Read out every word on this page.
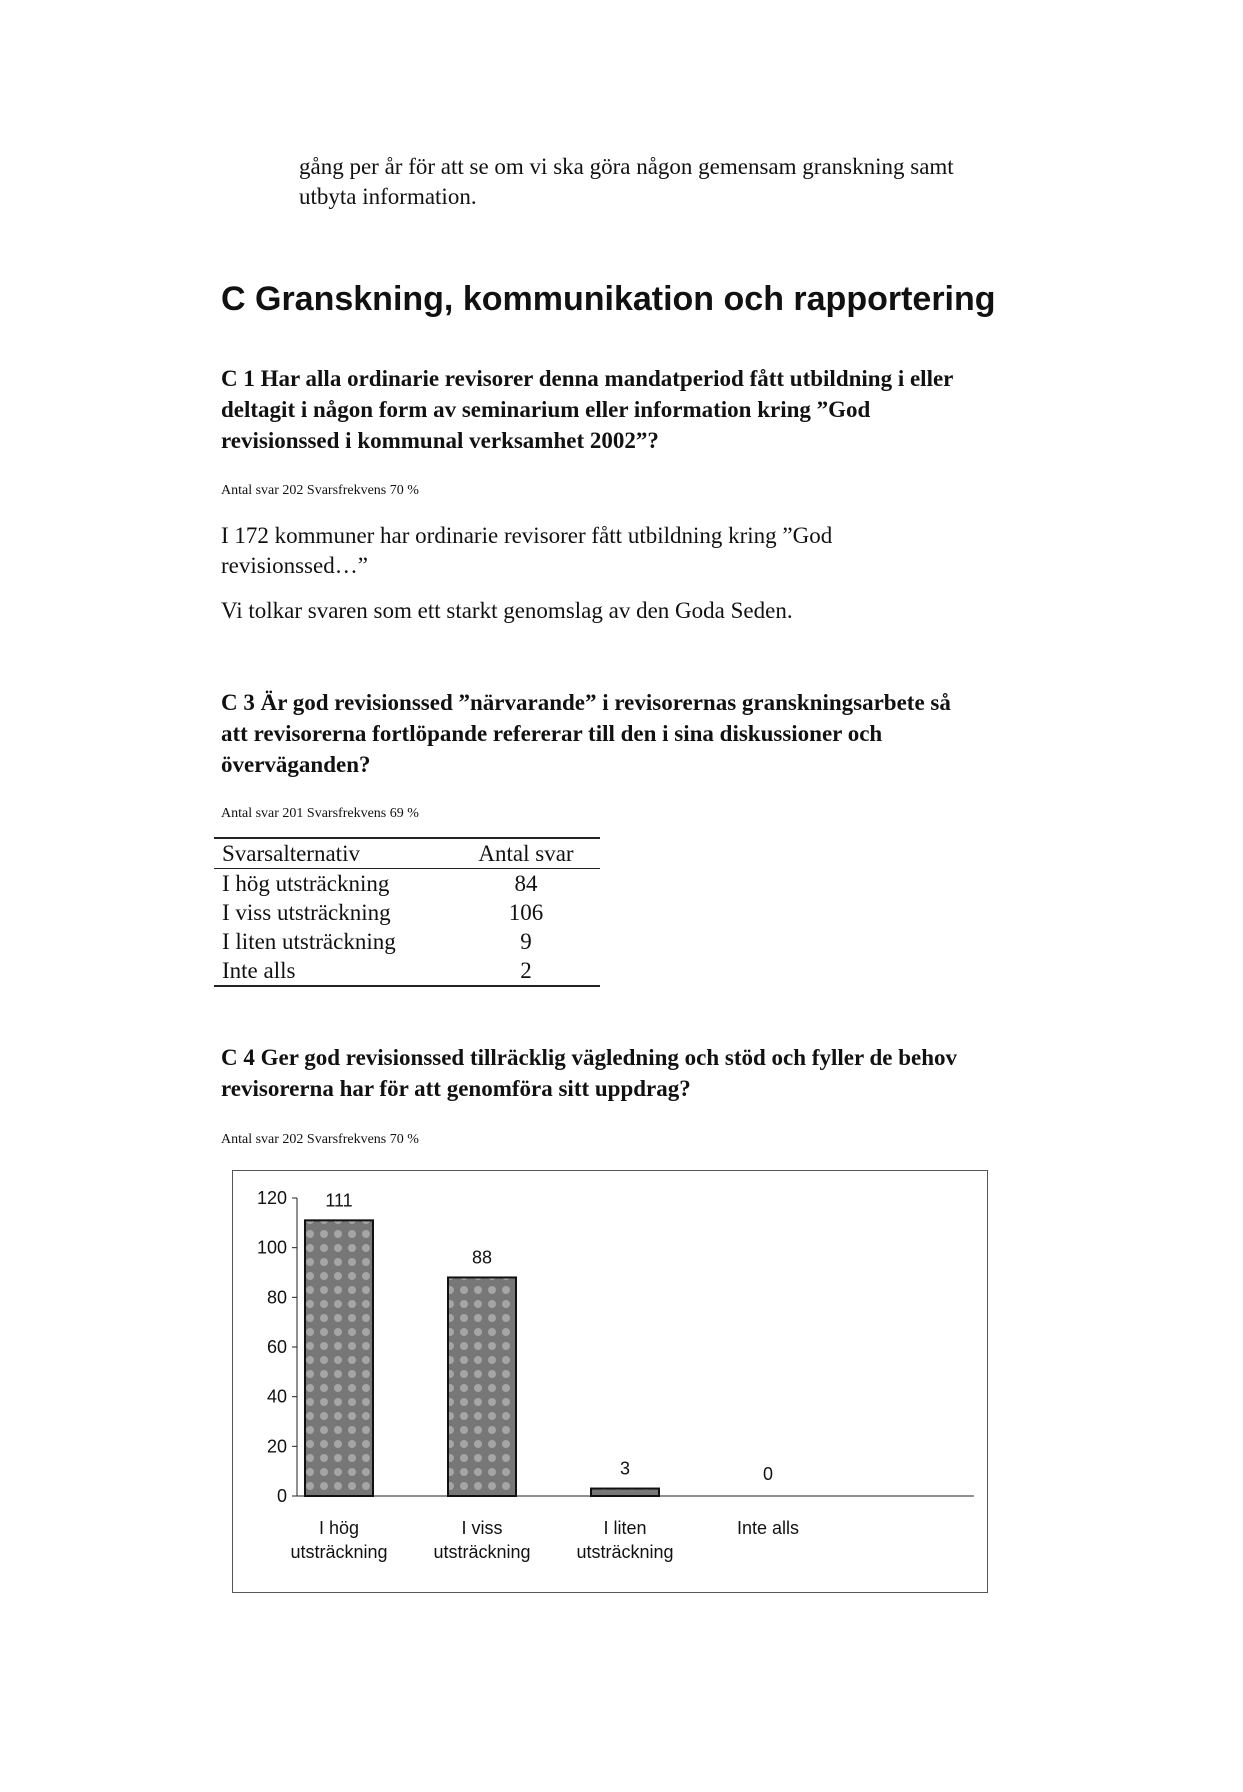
gång per år för att se om vi ska göra någon gemensam granskning samt
utbyta information.
C Granskning, kommunikation och rapportering
C 1 Har alla ordinarie revisorer denna mandatperiod fått utbildning i eller
deltagit i någon form av seminarium eller information kring ”God
revisionssed i kommunal verksamhet 2002”?
Antal svar 202 Svarsfrekvens 70 %
I 172 kommuner har ordinarie revisorer fått utbildning kring ”God
revisionssed…”
Vi tolkar svaren som ett starkt genomslag av den Goda Seden.
C 3 Är god revisionssed ”närvarande” i revisorernas granskningsarbete så
att revisorerna fortlöpande refererar till den i sina diskussioner och
överväganden?
Antal svar 201 Svarsfrekvens 69 %
Svarsalternativ	Antal svar
I hög utsträckning	84
I viss utsträckning	106
I liten utsträckning	9
Inte alls	2
C 4 Ger god revisionssed tillräcklig vägledning och stöd och fyller de behov
revisorerna har för att genomföra sitt uppdrag?
Antal svar 202 Svarsfrekvens 70 %
0
20
40
60
80
100
120 111
I hög utsträckning
88
I viss utsträckning
3
I liten utsträckning
0
Inte alls
